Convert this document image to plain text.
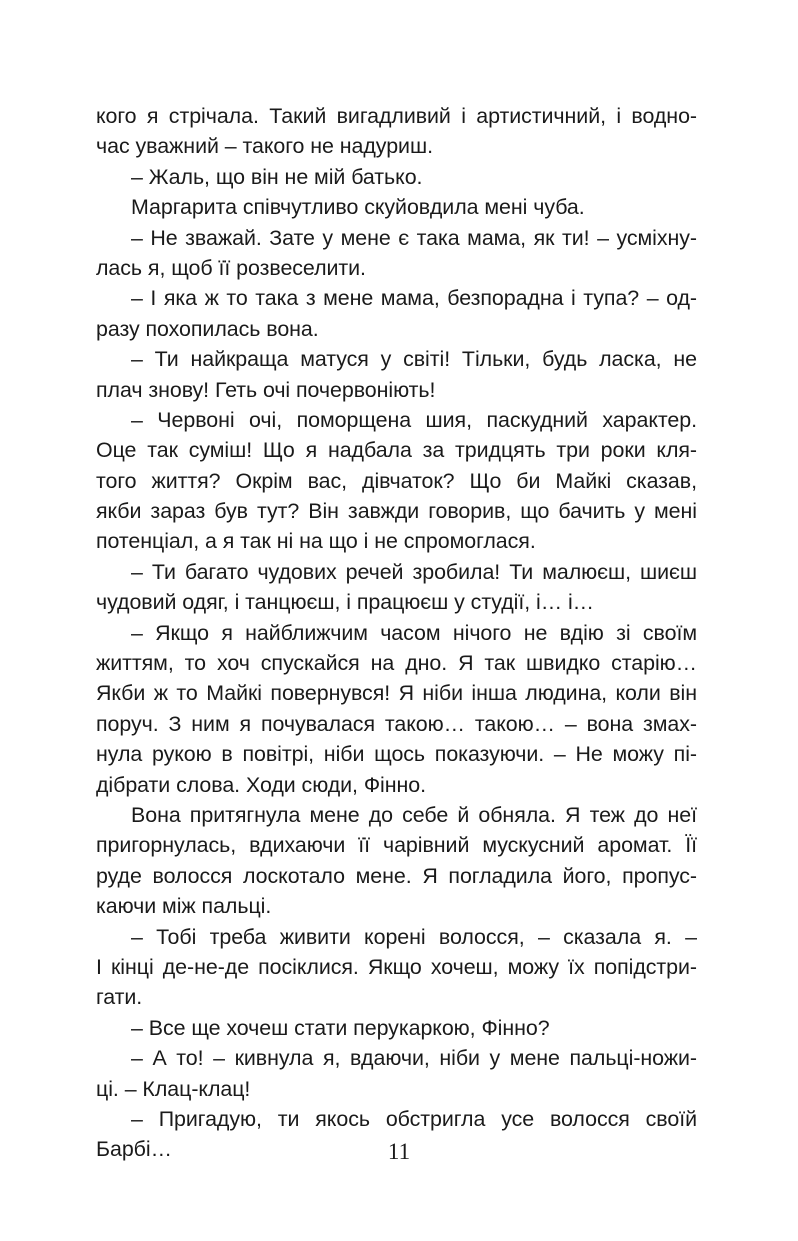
кого я стрічала. Такий вигадливий і артистичний, і водно-
час уважний – такого не надуриш.
– Жаль, що він не мій батько.
Маргарита співчутливо скуйовдила мені чуба.
– Не зважай. Зате у мене є така мама, як ти! – усміхну-
лась я, щоб її розвеселити.
– І яка ж то така з мене мама, безпорадна і тупа? – од-
разу похопилась вона.
– Ти найкраща матуся у світі! Тільки, будь ласка, не
плач знову! Геть очі почервоніють!
– Червоні очі, поморщена шия, паскудний характер.
Оце так суміш! Що я надбала за тридцять три роки кля-
того життя? Окрім вас, дівчаток? Що би Майкі сказав,
якби зараз був тут? Він завжди говорив, що бачить у мені
потенціал, а я так ні на що і не спромоглася.
– Ти багато чудових речей зробила! Ти малюєш, шиєш
чудовий одяг, і танцюєш, і працюєш у студії, і… і…
– Якщо я найближчим часом нічого не вдію зі своїм
життям, то хоч спускайся на дно. Я так швидко старію…
Якби ж то Майкі повернувся! Я ніби інша людина, коли він
поруч. З ним я почувалася такою… такою… – вона змах-
нула рукою в повітрі, ніби щось показуючи. – Не можу пі-
дібрати слова. Ходи сюди, Фінно.
Вона притягнула мене до себе й обняла. Я теж до неї
пригорнулась, вдихаючи її чарівний мускусний аромат. Її
руде волосся лоскотало мене. Я погладила його, пропус-
каючи між пальці.
– Тобі треба живити корені волосся, – сказала я. –
І кінці де-не-де посіклися. Якщо хочеш, можу їх попідстри-
гати.
– Все ще хочеш стати перукаркою, Фінно?
– А то! – кивнула я, вдаючи, ніби у мене пальці-ножи-
ці. – Клац-клац!
– Пригадую, ти якось обстригла усе волосся своїй
Барбі…	11
